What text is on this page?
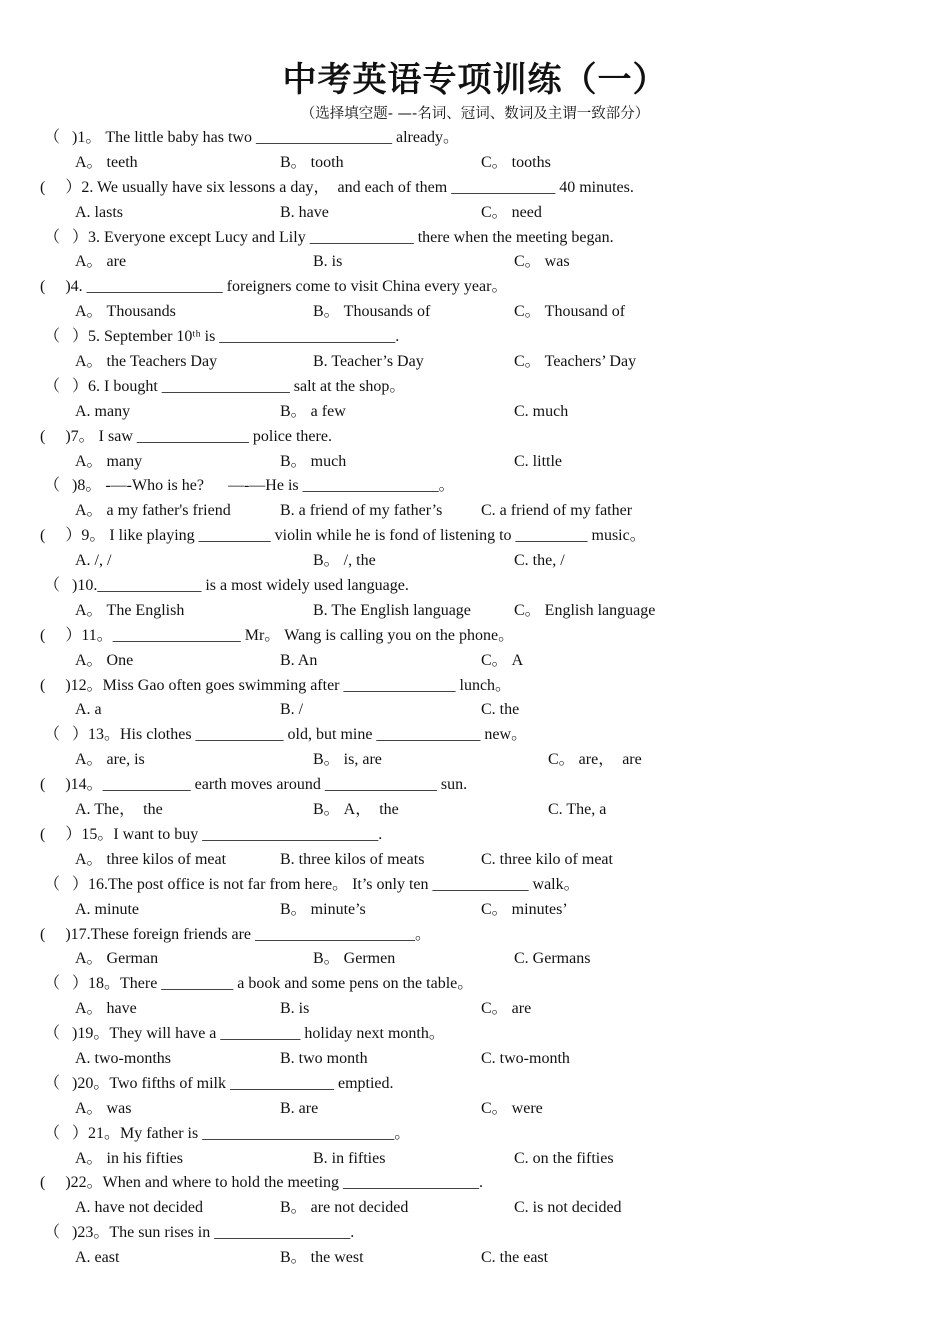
中考英语专项训练（一）
（选择填空题- —-名词、冠词、数词及主谓一致部分）
（   )1。 The little baby has two _________________ already。
A。 teeth	B。 tooth	C。 tooths
(     ）2. We usually have six lessons a day，  and each of them _____________ 40 minutes.
A. lasts	B. have	C。 need
（   ）3. Everyone except Lucy and Lily _____________ there when the meeting began.
A。 are	B. is	C。 was
(     )4. _________________ foreigners come to visit China every year。
A。 Thousands	B。 Thousands of	C。 Thousand of
（   ）5. September 10ᵗʰ is ______________________.
A。 the Teachers Day	B. Teacher’s Day	C。 Teachers’ Day
（   ）6. I bought ________________ salt at the shop。
A. many	B。 a few	C. much
(     )7。 I saw ______________ police there.
A。 many	B。 much	C. little
（   )8。 -—-Who is he?      —-—He is _________________。
A。 a my father's friend	B. a friend of my father’s C. a friend of my father
(     ）9。 I like playing _________ violin while he is fond of listening to _________ music。
A. /, /	B。 /, the	C. the, /
（   )10._____________ is a most widely used language.
A。 The English	B. The English language	C。 English language
(     ）11。________________ Mr。 Wang is calling you on the phone。
A。 One	B. An	C。 A
(     )12。Miss Gao often goes swimming after ______________ lunch。
A. a	B. /	C. the
（   ）13。His clothes ___________ old, but mine _____________ new。
A。 are, is	B。 is, are	C。 are，  are
(     )14。___________ earth moves around ______________ sun.
A. The，  the	B。 A，  the	C. The, a
(     ）15。I want to buy ______________________.
A。 three kilos of meat	B. three kilos of meats	C. three kilo of meat
（   ）16.The post office is not far from here。 It’s only ten ____________ walk。
A. minute	B。 minute’s	C。 minutes’
(     )17.These foreign friends are ____________________。
A。 German	B。 Germen	C. Germans
（   ）18。There _________ a book and some pens on the table。
A。 have	B. is	C。 are
（   )19。They will have a __________ holiday next month。
A. two-months	B. two month	C. two-month
（   )20。Two fifths of milk _____________ emptied.
A。 was	B. are	C。 were
（   ）21。My father is ________________________。
A。 in his fifties	B. in fifties	C. on the fifties
(     )22。When and where to hold the meeting _________________.
A. have not decided	B。 are not decided	C. is not decided
（   )23。The sun rises in _________________.
A. east	B。 the west	C. the east
